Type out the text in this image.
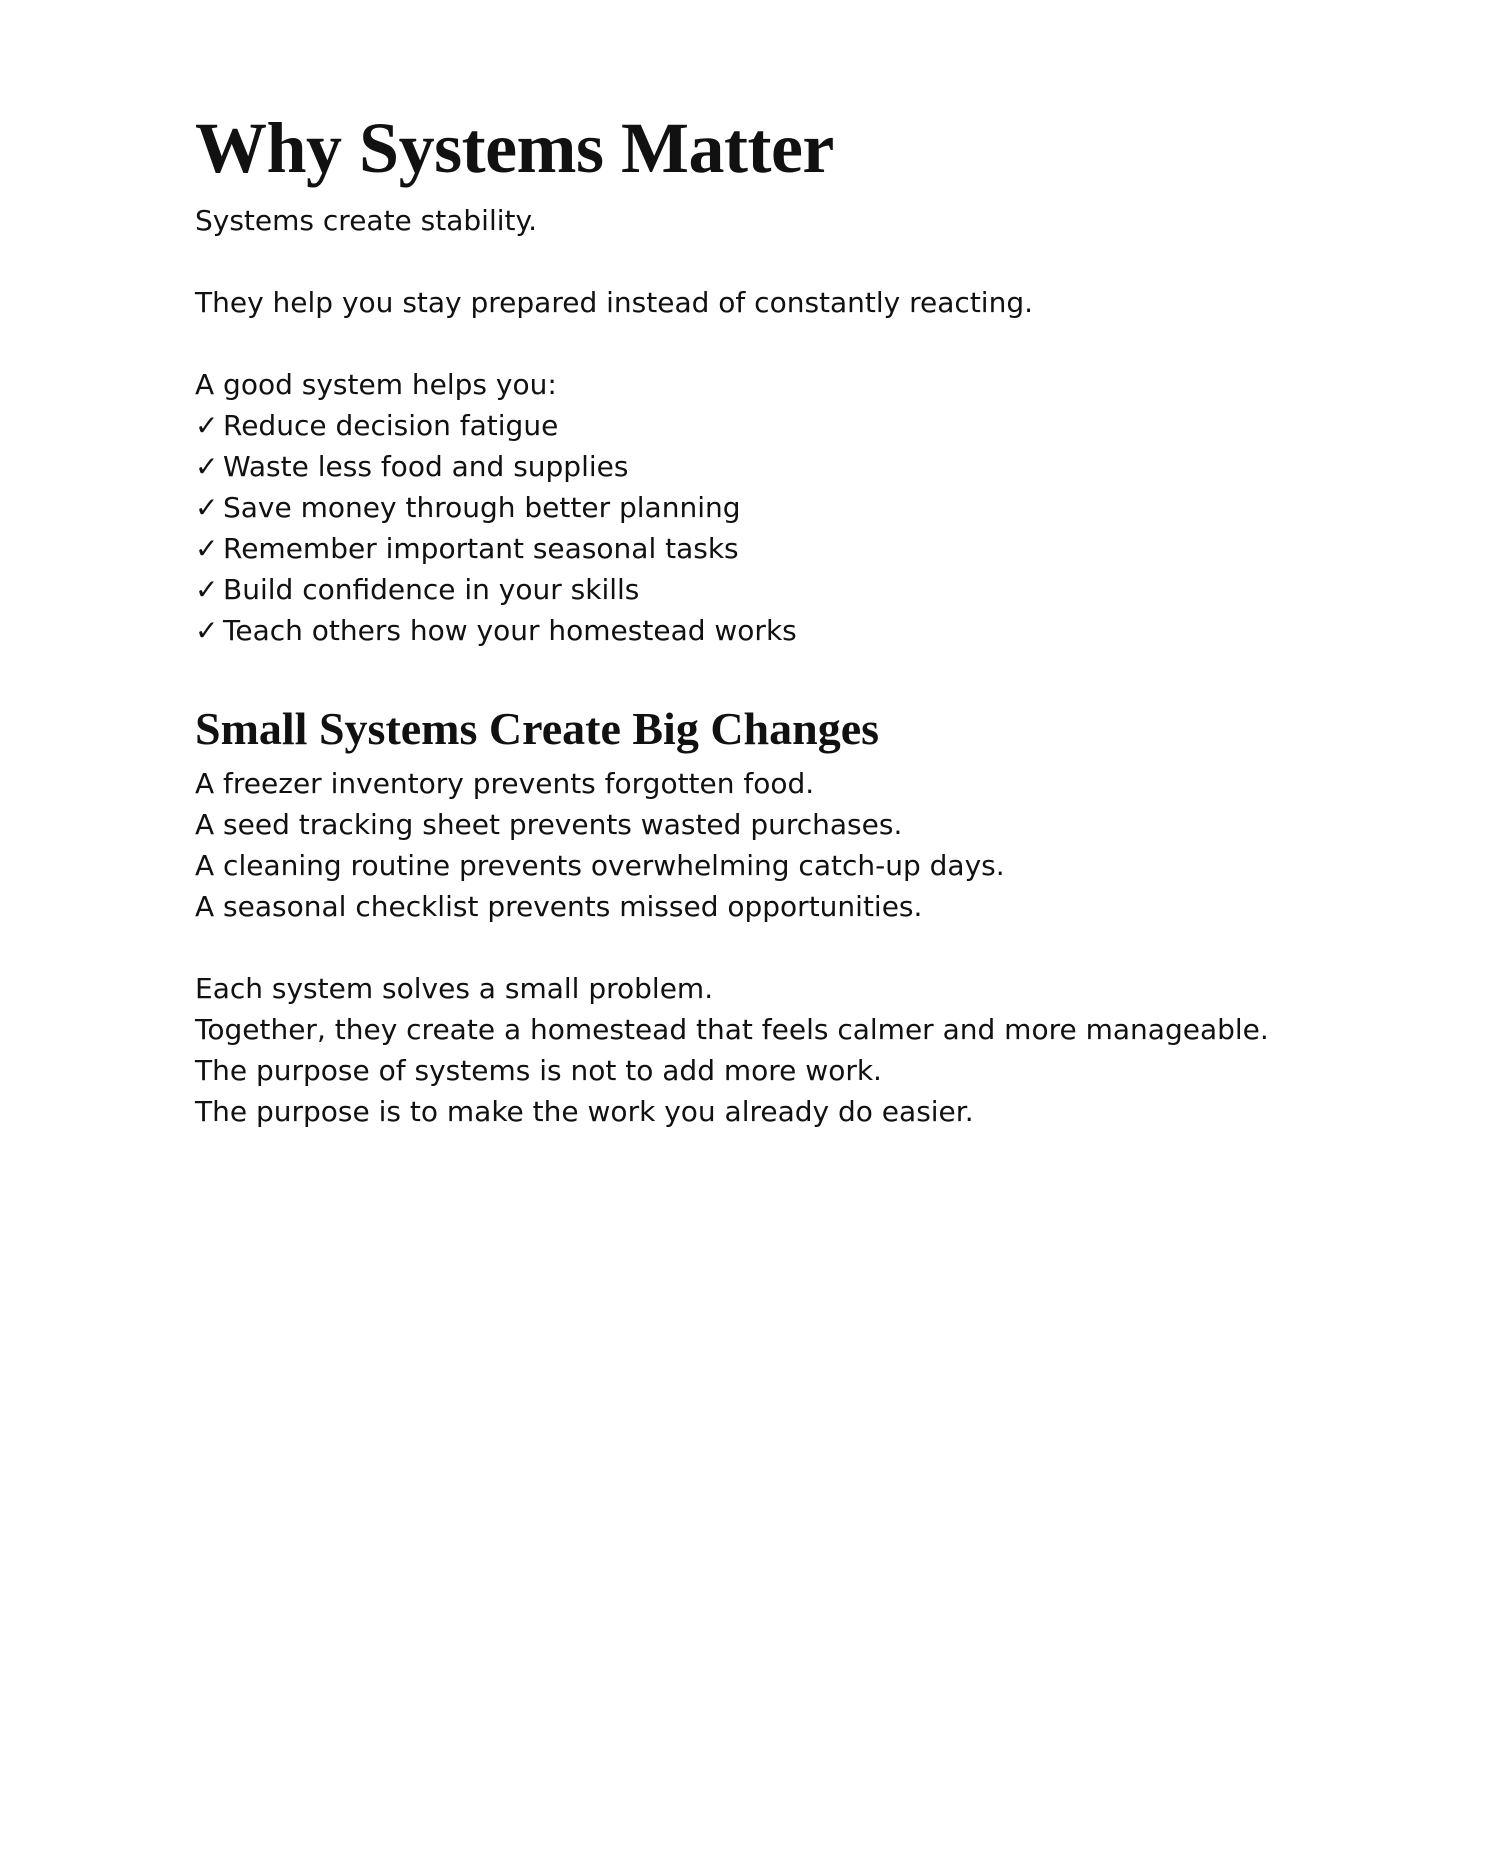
Why Systems Matter

Systems create stability.

They help you stay prepared instead of constantly reacting.

A good system helps you:

✓ Reduce decision fatigue
✓ Waste less food and supplies
✓ Save money through better planning
✓ Remember important seasonal tasks
✓ Build confidence in your skills
✓ Teach others how your homestead works
Small Systems Create Big Changes

A freezer inventory prevents forgotten food.

A seed tracking sheet prevents wasted purchases.

A cleaning routine prevents overwhelming catch-up days.

A seasonal checklist prevents missed opportunities.

Each system solves a small problem.

Together, they create a homestead that feels calmer and more manageable.

The purpose of systems is not to add more work.

The purpose is to make the work you already do easier.
